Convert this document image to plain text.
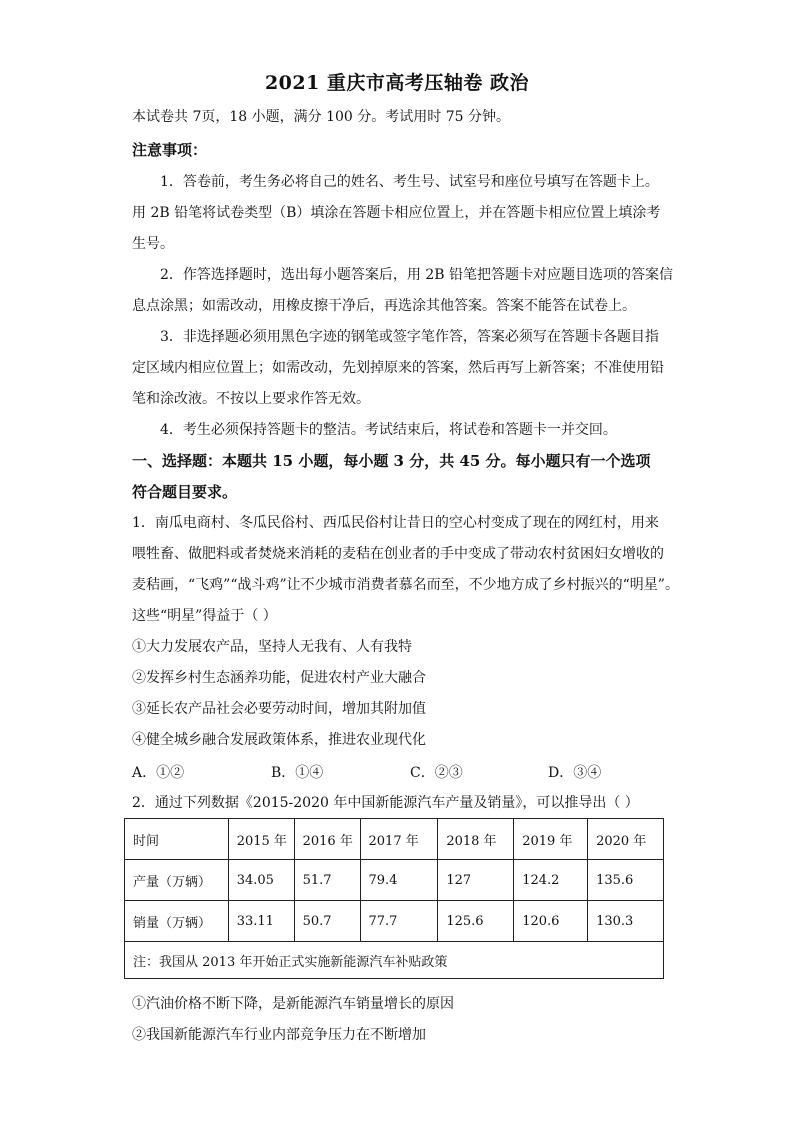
2021 重庆市高考压轴卷 政治
本试卷共 7页，18 小题，满分 100 分。考试用时 75 分钟。
注意事项：
1．答卷前，考生务必将自己的姓名、考生号、试室号和座位号填写在答题卡上。
用 2B 铅笔将试卷类型（B）填涂在答题卡相应位置上，并在答题卡相应位置上填涂考
生号。
2．作答选择题时，选出每小题答案后，用 2B 铅笔把答题卡对应题目选项的答案信
息点涂黑；如需改动，用橡皮擦干净后，再选涂其他答案。答案不能答在试卷上。
3．非选择题必须用黑色字迹的钢笔或签字笔作答，答案必须写在答题卡各题目指
定区域内相应位置上；如需改动，先划掉原来的答案，然后再写上新答案；不准使用铅
笔和涂改液。不按以上要求作答无效。
4．考生必须保持答题卡的整洁。考试结束后，将试卷和答题卡一并交回。
一、选择题：本题共 15 小题，每小题 3 分，共 45 分。每小题只有一个选项
符合题目要求。
1．南瓜电商村、冬瓜民俗村、西瓜民俗村让昔日的空心村变成了现在的网红村，用来
喂牲畜、做肥料或者焚烧来消耗的麦秸在创业者的手中变成了带动农村贫困妇女增收的
麦秸画，“飞鸡”“战斗鸡”让不少城市消费者慕名而至，不少地方成了乡村振兴的“明星”。
这些“明星”得益于（ ）
①大力发展农产品，坚持人无我有、人有我特
②发挥乡村生态涵养功能，促进农村产业大融合
③延长农产品社会必要劳动时间，增加其附加值
④健全城乡融合发展政策体系，推进农业现代化
A．①②	B．①④	C．②③	D．③④
2．通过下列数据《2015-2020 年中国新能源汽车产量及销量》，可以推导出（ ）
时间	2015 年	2016 年	2017 年	2018 年	2019 年	2020 年
产量（万辆）	34.05	51.7	79.4	127	124.2	135.6
销量（万辆）	33.11	50.7	77.7	125.6	120.6	130.3
注：我国从 2013 年开始正式实施新能源汽车补贴政策						
①汽油价格不断下降，是新能源汽车销量增长的原因
②我国新能源汽车行业内部竞争压力在不断增加
